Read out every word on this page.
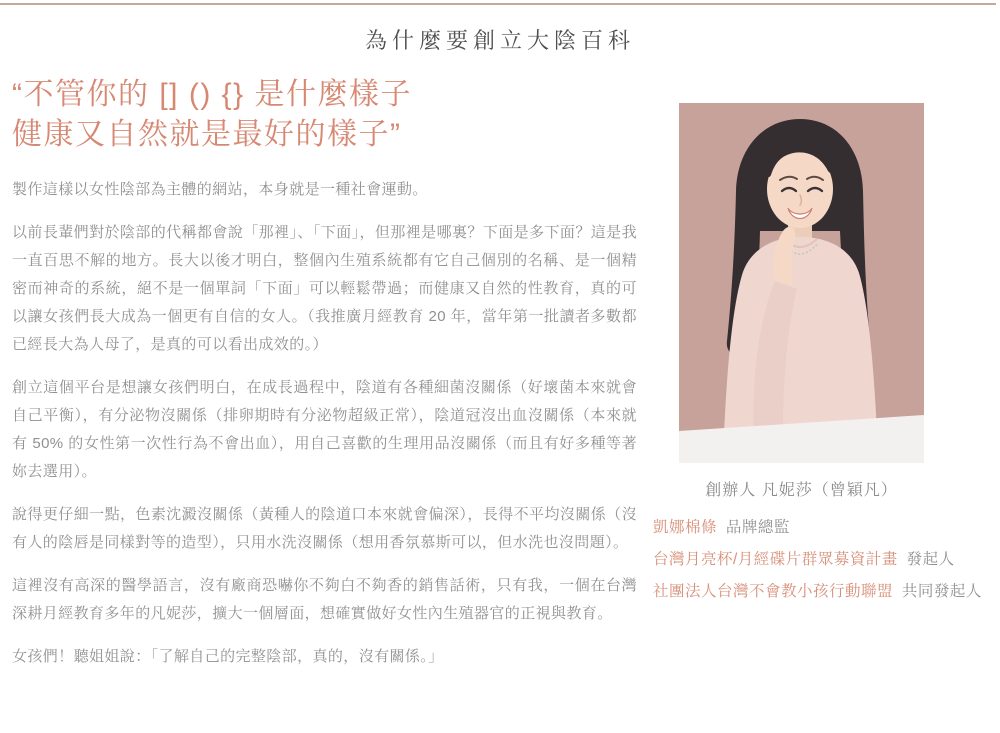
為什麼要創立大陰百科
“不管你的 [] () {} 是什麼樣子
健康又自然就是最好的樣子”

製作這樣以女性陰部為主體的網站，本身就是一種社會運動。

以前長輩們對於陰部的代稱都會說「那裡」、「下面」，但那裡是哪裏？下面是多下面？這是我一直百思不解的地方。長大以後才明白，整個內生殖系統都有它自己個別的名稱、是一個精密而神奇的系統，絕不是一個單詞「下面」可以輕鬆帶過；而健康又自然的性教育，真的可以讓女孩們長大成為一個更有自信的女人。（我推廣月經教育 20 年，當年第一批讀者多數都已經長大為人母了，是真的可以看出成效的。）

創立這個平台是想讓女孩們明白，在成長過程中，陰道有各種細菌沒關係（好壞菌本來就會自己平衡），有分泌物沒關係（排卵期時有分泌物超級正常），陰道冠沒出血沒關係（本來就有 50% 的女性第一次性行為不會出血），用自己喜歡的生理用品沒關係（而且有好多種等著妳去選用）。

說得更仔細一點，色素沈澱沒關係（黃種人的陰道口本來就會偏深），長得不平均沒關係（沒有人的陰唇是同樣對等的造型），只用水洗沒關係（想用香氛慕斯可以，但水洗也沒問題）。

這裡沒有高深的醫學語言，沒有廠商恐嚇你不夠白不夠香的銷售話術，只有我，一個在台灣深耕月經教育多年的凡妮莎，擴大一個層面，想確實做好女性內生殖器官的正視與教育。

女孩們！聽姐姐說：「了解自己的完整陰部，真的，沒有關係。」

創辦人 凡妮莎（曾穎凡）
凱娜棉條 品牌總監
台灣月亮杯/月經碟片群眾募資計畫 發起人
社團法人台灣不會教小孩行動聯盟 共同發起人
